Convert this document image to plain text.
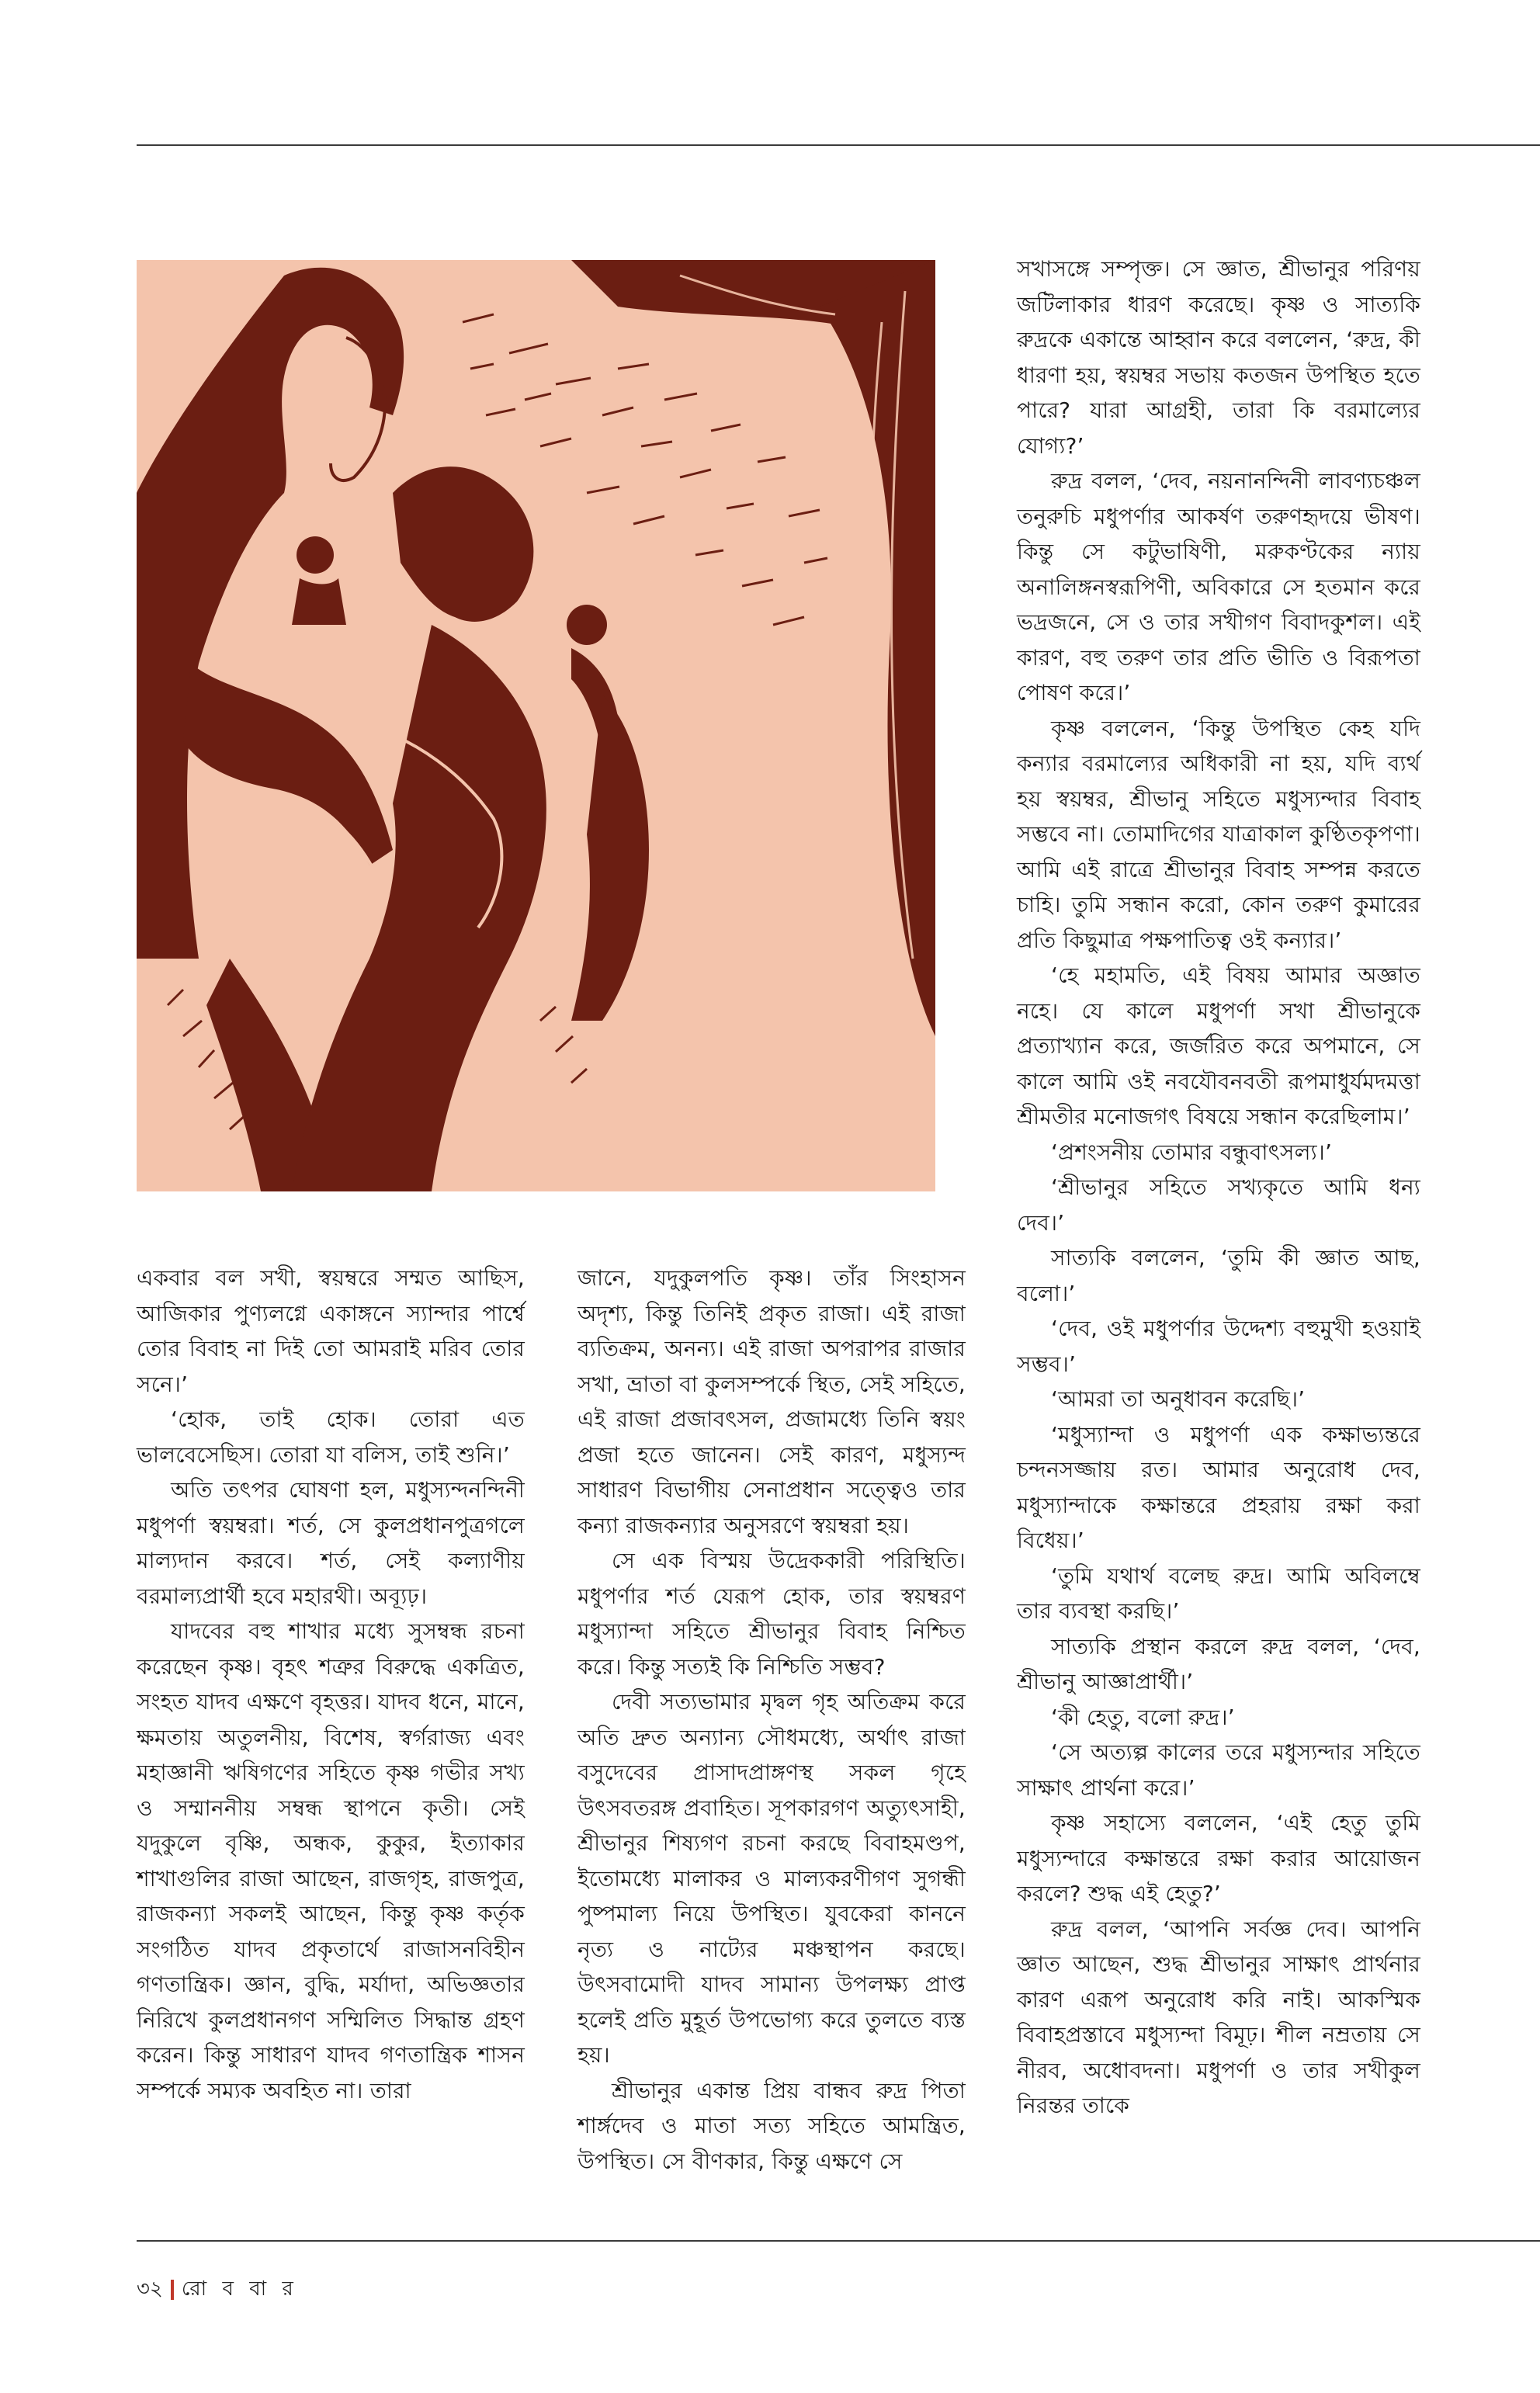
একবার বল সখী, স্বয়ম্বরে সম্মত আছিস, আজিকার পুণ্যলগ্নে একাঙ্গনে স্যান্দার পার্শ্বে তোর বিবাহ না দিই তো আমরাই মরিব তোর সনে।’

‘হোক, তাই হোক। তোরা এত ভালবেসেছিস। তোরা যা বলিস, তাই শুনি।’

অতি তৎপর ঘোষণা হল, মধুস্যন্দনন্দিনী মধুপর্ণা স্বয়ম্বরা। শর্ত, সে কুলপ্রধানপুত্রগলে মাল্যদান করবে। শর্ত, সেই কল্যাণীয় বরমাল্যপ্রার্থী হবে মহারথী। অব্যূঢ়।

যাদবের বহু শাখার মধ্যে সুসম্বন্ধ রচনা করেছেন কৃষ্ণ। বৃহৎ শত্রুর বিরুদ্ধে একত্রিত, সংহত যাদব এক্ষণে বৃহত্তর। যাদব ধনে, মানে, ক্ষমতায় অতুলনীয়, বিশেষ, স্বর্গরাজ্য এবং মহাজ্ঞানী ঋষিগণের সহিতে কৃষ্ণ গভীর সখ্য ও সম্মাননীয় সম্বন্ধ স্থাপনে কৃতী। সেই যদুকুলে বৃষ্ণি, অন্ধক, কুকুর, ইত্যাকার শাখাগুলির রাজা আছেন, রাজগৃহ, রাজপুত্র, রাজকন্যা সকলই আছেন, কিন্তু কৃষ্ণ কর্তৃক সংগঠিত যাদব প্রকৃতার্থে রাজাসনবিহীন গণতান্ত্রিক। জ্ঞান, বুদ্ধি, মর্যাদা, অভিজ্ঞতার নিরিখে কুলপ্রধানগণ সম্মিলিত সিদ্ধান্ত গ্রহণ করেন। কিন্তু সাধারণ যাদব গণতান্ত্রিক শাসন সম্পর্কে সম্যক অবহিত না। তারা

জানে, যদুকুলপতি কৃষ্ণ। তাঁর সিংহাসন অদৃশ্য, কিন্তু তিনিই প্রকৃত রাজা। এই রাজা ব্যতিক্রম, অনন্য। এই রাজা অপরাপর রাজার সখা, ভ্রাতা বা কুলসম্পর্কে স্থিত, সেই সহিতে, এই রাজা প্রজাবৎসল, প্রজামধ্যে তিনি স্বয়ং প্রজা হতে জানেন। সেই কারণ, মধুস্যন্দ সাধারণ বিভাগীয় সেনাপ্রধান সত্ত্বেও তার কন্যা রাজকন্যার অনুসরণে স্বয়ম্বরা হয়।

সে এক বিস্ময় উদ্রেককারী পরিস্থিতি। মধুপর্ণার শর্ত যেরূপ হোক, তার স্বয়ম্বরণ মধুস্যান্দা সহিতে শ্রীভানুর বিবাহ নিশ্চিত করে। কিন্তু সত্যই কি নিশ্চিতি সম্ভব?

দেবী সত্যভামার মৃদ্বল গৃহ অতিক্রম করে অতি দ্রুত অন্যান্য সৌধমধ্যে, অর্থাৎ রাজা বসুদেবের প্রাসাদপ্রাঙ্গণস্থ সকল গৃহে উৎসবতরঙ্গ প্রবাহিত। সূপকারগণ অত্যুৎসাহী, শ্রীভানুর শিষ্যগণ রচনা করছে বিবাহমণ্ডপ, ইতোমধ্যে মালাকর ও মাল্যকরণীগণ সুগন্ধী পুষ্পমাল্য নিয়ে উপস্থিত। যুবকেরা কাননে নৃত্য ও নাট্যের মঞ্চস্থাপন করছে। উৎসবামোদী যাদব সামান্য উপলক্ষ্য প্রাপ্ত হলেই প্রতি মুহূর্ত উপভোগ্য করে তুলতে ব্যস্ত হয়।

শ্রীভানুর একান্ত প্রিয় বান্ধব রুদ্র পিতা শার্ঙ্গদেব ও মাতা সত্য সহিতে আমন্ত্রিত, উপস্থিত। সে বীণকার, কিন্তু এক্ষণে সে

সখাসঙ্গে সম্পৃক্ত। সে জ্ঞাত, শ্রীভানুর পরিণয় জটিলাকার ধারণ করেছে। কৃষ্ণ ও সাত্যকি রুদ্রকে একান্তে আহ্বান করে বললেন, ‘রুদ্র, কী ধারণা হয়, স্বয়ম্বর সভায় কতজন উপস্থিত হতে পারে? যারা আগ্রহী, তারা কি বরমাল্যের যোগ্য?’

রুদ্র বলল, ‘দেব, নয়নানন্দিনী লাবণ্যচঞ্চল তনুরুচি মধুপর্ণার আকর্ষণ তরুণহৃদয়ে ভীষণ। কিন্তু সে কটুভাষিণী, মরুকণ্টকের ন্যায় অনালিঙ্গনস্বরূপিণী, অবিকারে সে হতমান করে ভদ্রজনে, সে ও তার সখীগণ বিবাদকুশল। এই কারণ, বহু তরুণ তার প্রতি ভীতি ও বিরূপতা পোষণ করে।’

কৃষ্ণ বললেন, ‘কিন্তু উপস্থিত কেহ যদি কন্যার বরমাল্যের অধিকারী না হয়, যদি ব্যর্থ হয় স্বয়ম্বর, শ্রীভানু সহিতে মধুস্যন্দার বিবাহ সম্ভবে না। তোমাদিগের যাত্রাকাল কুণ্ঠিতকৃপণা। আমি এই রাত্রে শ্রীভানুর বিবাহ সম্পন্ন করতে চাহি। তুমি সন্ধান করো, কোন তরুণ কুমারের প্রতি কিছুমাত্র পক্ষপাতিত্ব ওই কন্যার।’

‘হে মহামতি, এই বিষয় আমার অজ্ঞাত নহে। যে কালে মধুপর্ণা সখা শ্রীভানুকে প্রত্যাখ্যান করে, জর্জরিত করে অপমানে, সে কালে আমি ওই নবযৌবনবতী রূপমাধুর্যমদমত্তা শ্রীমতীর মনোজগৎ বিষয়ে সন্ধান করেছিলাম।’

‘প্রশংসনীয় তোমার বন্ধুবাৎসল্য।’

‘শ্রীভানুর সহিতে সখ্যকৃতে আমি ধন্য দেব।’

সাত্যকি বললেন, ‘তুমি কী জ্ঞাত আছ, বলো।’

‘দেব, ওই মধুপর্ণার উদ্দেশ্য বহুমুখী হওয়াই সম্ভব।’

‘আমরা তা অনুধাবন করেছি।’

‘মধুস্যান্দা ও মধুপর্ণা এক কক্ষাভ্যন্তরে চন্দনসজ্জায় রত। আমার অনুরোধ দেব, মধুস্যান্দাকে কক্ষান্তরে প্রহরায় রক্ষা করা বিধেয়।’

‘তুমি যথার্থ বলেছ রুদ্র। আমি অবিলম্বে তার ব্যবস্থা করছি।’

সাত্যকি প্রস্থান করলে রুদ্র বলল, ‘দেব, শ্রীভানু আজ্ঞাপ্রার্থী।’

‘কী হেতু, বলো রুদ্র।’

‘সে অত্যল্প কালের তরে মধুস্যন্দার সহিতে সাক্ষাৎ প্রার্থনা করে।’

কৃষ্ণ সহাস্যে বললেন, ‘এই হেতু তুমি মধুস্যন্দারে কক্ষান্তরে রক্ষা করার আয়োজন করলে? শুদ্ধ এই হেতু?’

রুদ্র বলল, ‘আপনি সর্বজ্ঞ দেব। আপনি জ্ঞাত আছেন, শুদ্ধ শ্রীভানুর সাক্ষাৎ প্রার্থনার কারণ এরূপ অনুরোধ করি নাই। আকস্মিক বিবাহপ্রস্তাবে মধুস্যন্দা বিমূঢ়। শীল নম্রতায় সে নীরব, অধোবদনা। মধুপর্ণা ও তার সখীকুল নিরন্তর তাকে

৩২ রো ব বা র
